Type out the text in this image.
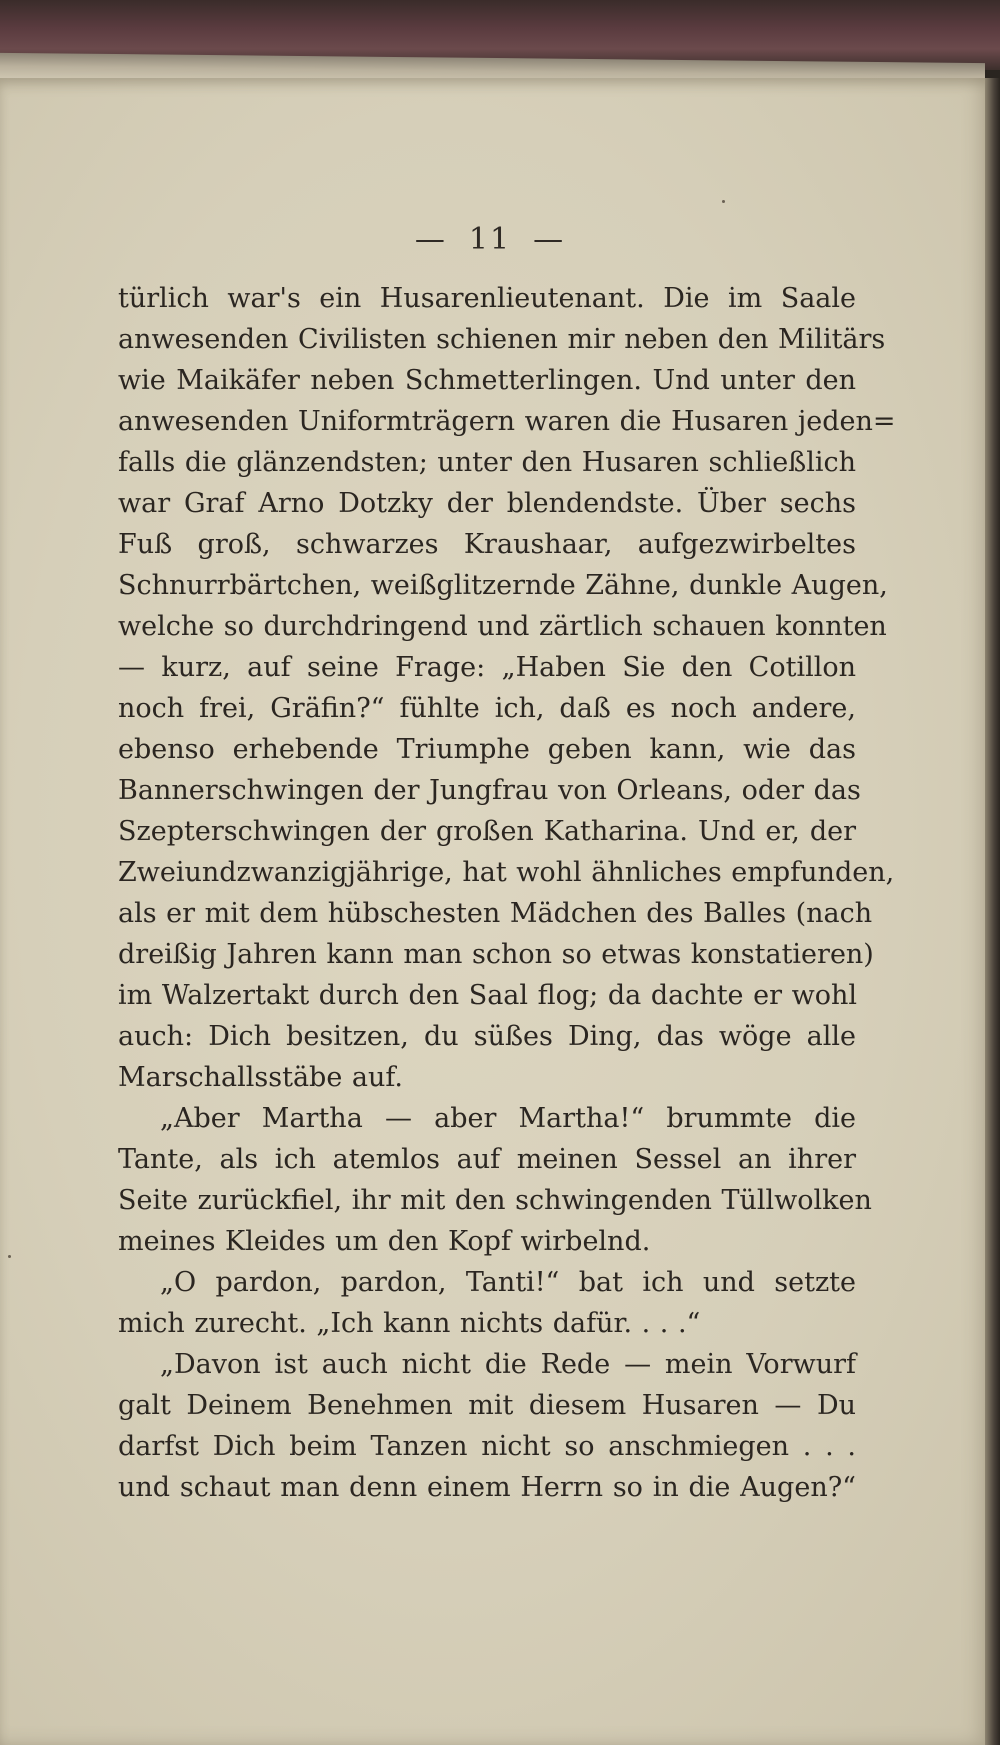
— 11 —
türlich war's ein Husarenlieutenant. Die im Saale
anwesenden Civilisten schienen mir neben den Militärs
wie Maikäfer neben Schmetterlingen. Und unter den
anwesenden Uniformträgern waren die Husaren jeden=
falls die glänzendsten; unter den Husaren schließlich
war Graf Arno Dotzky der blendendste. Über sechs
Fuß groß, schwarzes Kraushaar, aufgezwirbeltes
Schnurrbärtchen, weißglitzernde Zähne, dunkle Augen,
welche so durchdringend und zärtlich schauen konnten
— kurz, auf seine Frage: „Haben Sie den Cotillon
noch frei, Gräfin?“ fühlte ich, daß es noch andere,
ebenso erhebende Triumphe geben kann, wie das
Bannerschwingen der Jungfrau von Orleans, oder das
Szepterschwingen der großen Katharina. Und er, der
Zweiundzwanzigjährige, hat wohl ähnliches empfunden,
als er mit dem hübschesten Mädchen des Balles (nach
dreißig Jahren kann man schon so etwas konstatieren)
im Walzertakt durch den Saal flog; da dachte er wohl
auch: Dich besitzen, du süßes Ding, das wöge alle
Marschallsstäbe auf.
„Aber Martha — aber Martha!“ brummte die
Tante, als ich atemlos auf meinen Sessel an ihrer
Seite zurückfiel, ihr mit den schwingenden Tüllwolken
meines Kleides um den Kopf wirbelnd.
„O pardon, pardon, Tanti!“ bat ich und setzte
mich zurecht. „Ich kann nichts dafür. . . .“
„Davon ist auch nicht die Rede — mein Vorwurf
galt Deinem Benehmen mit diesem Husaren — Du
darfst Dich beim Tanzen nicht so anschmiegen . . .
und schaut man denn einem Herrn so in die Augen?“
